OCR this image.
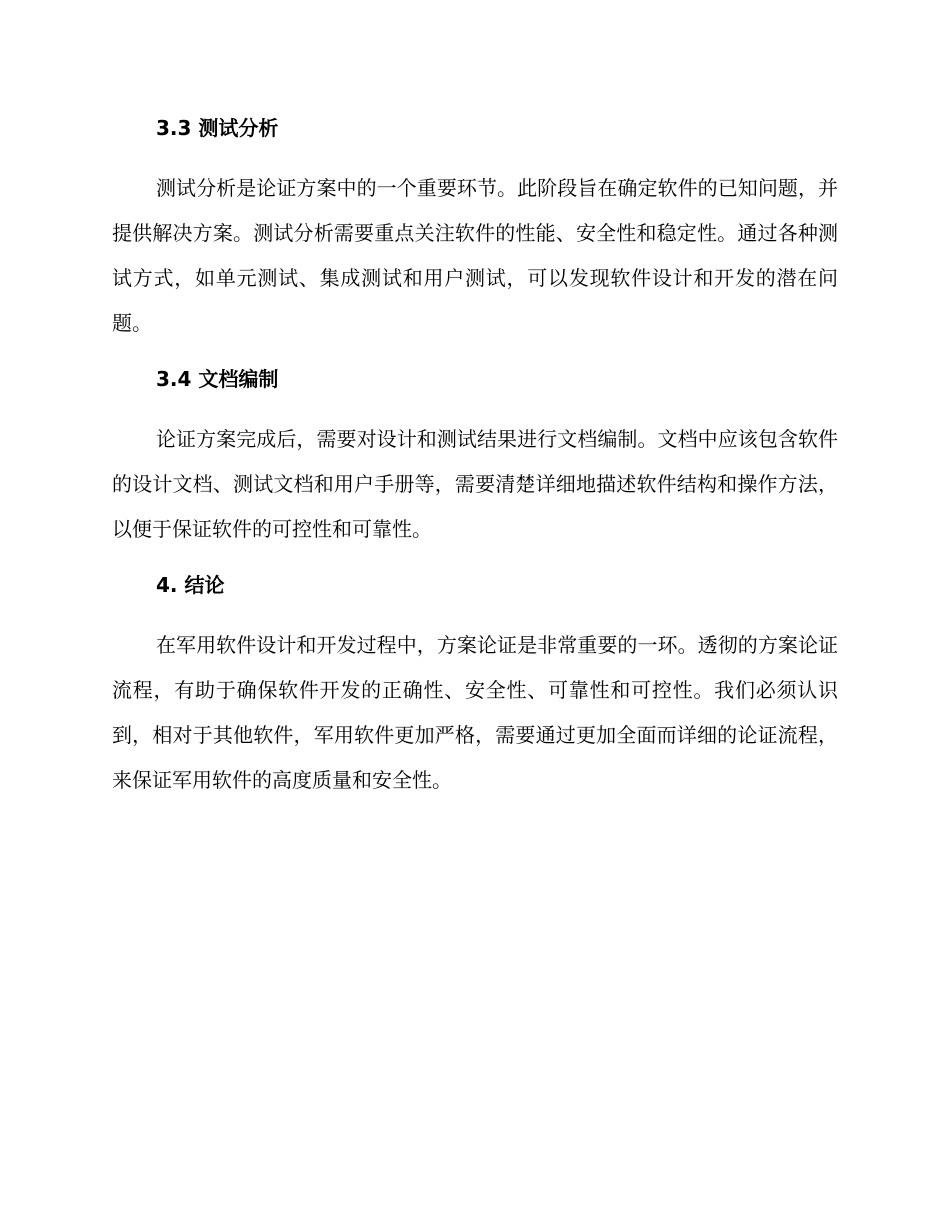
3.3 测试分析

测试分析是论证方案中的一个重要环节。此阶段旨在确定软件的已知问题，并提供解决方案。测试分析需要重点关注软件的性能、安全性和稳定性。通过各种测试方式，如单元测试、集成测试和用户测试，可以发现软件设计和开发的潜在问题。

3.4 文档编制

论证方案完成后，需要对设计和测试结果进行文档编制。文档中应该包含软件的设计文档、测试文档和用户手册等，需要清楚详细地描述软件结构和操作方法，以便于保证软件的可控性和可靠性。

4. 结论

在军用软件设计和开发过程中，方案论证是非常重要的一环。透彻的方案论证流程，有助于确保软件开发的正确性、安全性、可靠性和可控性。我们必须认识到，相对于其他软件，军用软件更加严格，需要通过更加全面而详细的论证流程，来保证军用软件的高度质量和安全性。
